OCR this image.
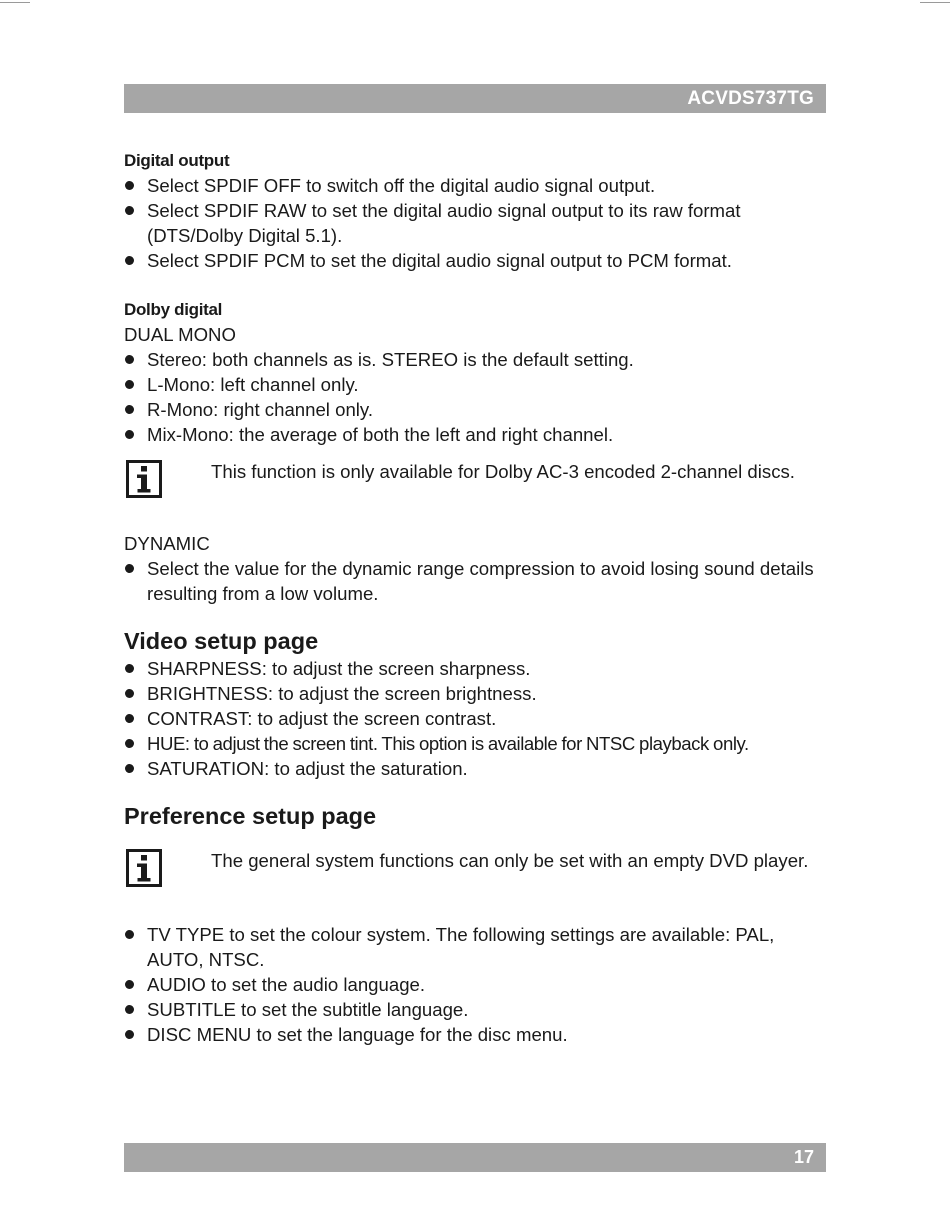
ACVDS737TG

Digital output

Select SPDIF OFF to switch off the digital audio signal output.
Select SPDIF RAW to set the digital audio signal output to its raw format (DTS/Dolby Digital 5.1).
Select SPDIF PCM to set the digital audio signal output to PCM format.

Dolby digital

DUAL MONO

Stereo: both channels as is. STEREO is the default setting.
L-Mono: left channel only.
R-Mono: right channel only.
Mix-Mono: the average of both the left and right channel.
This function is only available for Dolby AC-3 encoded 2-channel discs.

DYNAMIC

Select the value for the dynamic range compression to avoid losing sound details resulting from a low volume.

Video setup page

SHARPNESS: to adjust the screen sharpness.
BRIGHTNESS: to adjust the screen brightness.
CONTRAST: to adjust the screen contrast.
HUE: to adjust the screen tint. This option is available for NTSC playback only.
SATURATION: to adjust the saturation.

Preference setup page

The general system functions can only be set with an empty DVD player.
TV TYPE to set the colour system. The following settings are available: PAL, AUTO, NTSC.
AUDIO to set the audio language.
SUBTITLE to set the subtitle language.
DISC MENU to set the language for the disc menu.
17
